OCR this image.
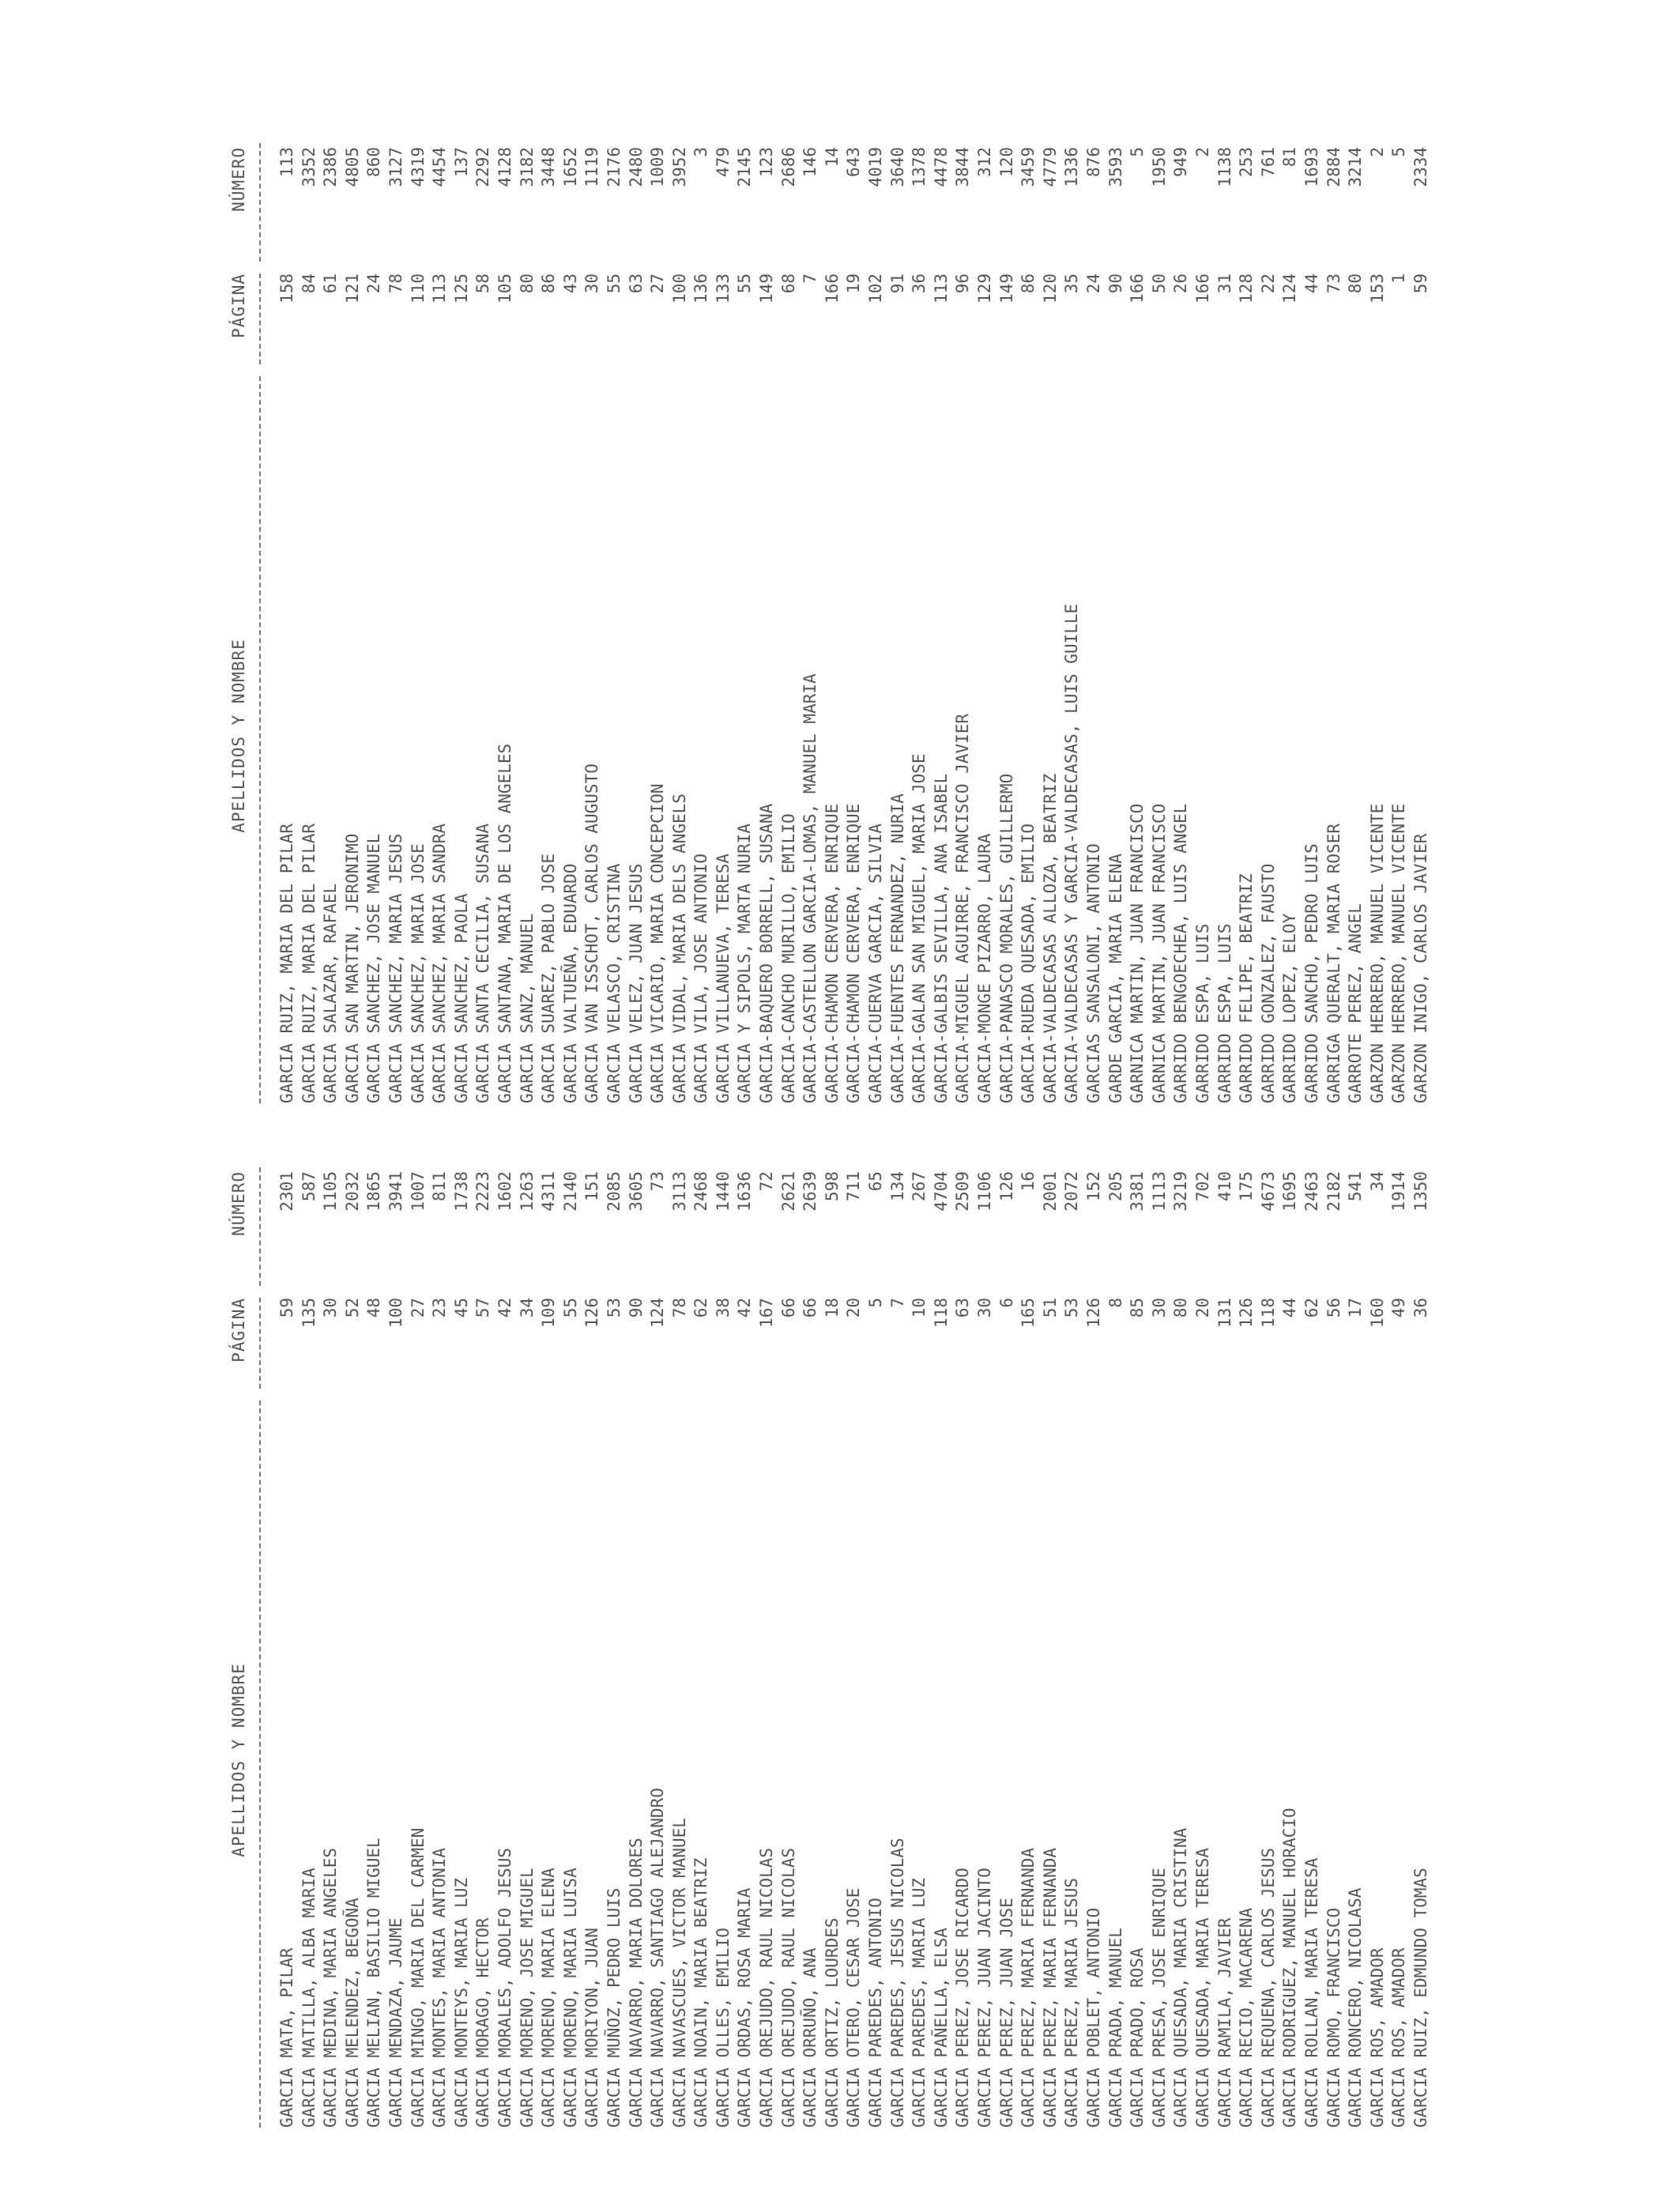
APELLIDOS Y NOMBRE
PÁGINA
NÚMERO
GARCIA MATA, PILAR
59
2301
GARCIA MATILLA, ALBA MARIA
135
587
GARCIA MEDINA, MARIA ANGELES
30
1105
GARCIA MELENDEZ, BEGOÑA
52
2032
GARCIA MELIAN, BASILIO MIGUEL
48
1865
GARCIA MENDAZA, JAUME
100
3941
GARCIA MINGO, MARIA DEL CARMEN
27
1007
GARCIA MONTES, MARIA ANTONIA
23
811
GARCIA MONTEYS, MARIA LUZ
45
1738
GARCIA MORAGO, HECTOR
57
2223
GARCIA MORALES, ADOLFO JESUS
42
1602
GARCIA MORENO, JOSE MIGUEL
34
1263
GARCIA MORENO, MARIA ELENA
109
4311
GARCIA MORENO, MARIA LUISA
55
2140
GARCIA MORIYON, JUAN
126
151
GARCIA MUÑOZ, PEDRO LUIS
53
2085
GARCIA NAVARRO, MARIA DOLORES
90
3605
GARCIA NAVARRO, SANTIAGO ALEJANDRO
124
73
GARCIA NAVASCUES, VICTOR MANUEL
78
3113
GARCIA NOAIN, MARIA BEATRIZ
62
2468
GARCIA OLLES, EMILIO
38
1440
GARCIA ORDAS, ROSA MARIA
42
1636
GARCIA OREJUDO, RAUL NICOLAS
167
72
GARCIA OREJUDO, RAUL NICOLAS
66
2621
GARCIA ORRUÑO, ANA
66
2639
GARCIA ORTIZ, LOURDES
18
598
GARCIA OTERO, CESAR JOSE
20
711
GARCIA PAREDES, ANTONIO
5
65
GARCIA PAREDES, JESUS NICOLAS
7
134
GARCIA PAREDES, MARIA LUZ
10
267
GARCIA PAÑELLA, ELSA
118
4704
GARCIA PEREZ, JOSE RICARDO
63
2509
GARCIA PEREZ, JUAN JACINTO
30
1106
GARCIA PEREZ, JUAN JOSE
6
126
GARCIA PEREZ, MARIA FERNANDA
165
16
GARCIA PEREZ, MARIA FERNANDA
51
2001
GARCIA PEREZ, MARIA JESUS
53
2072
GARCIA POBLET, ANTONIO
126
152
GARCIA PRADA, MANUEL
8
205
GARCIA PRADO, ROSA
85
3381
GARCIA PRESA, JOSE ENRIQUE
30
1113
GARCIA QUESADA, MARIA CRISTINA
80
3219
GARCIA QUESADA, MARIA TERESA
20
702
GARCIA RAMILA, JAVIER
131
410
GARCIA RECIO, MACARENA
126
175
GARCIA REQUENA, CARLOS JESUS
118
4673
GARCIA RODRIGUEZ, MANUEL HORACIO
44
1695
GARCIA ROLLAN, MARIA TERESA
62
2463
GARCIA ROMO, FRANCISCO
56
2182
GARCIA RONCERO, NICOLASA
17
541
GARCIA ROS, AMADOR
160
34
GARCIA ROS, AMADOR
49
1914
GARCIA RUIZ, EDMUNDO TOMAS
36
1350
APELLIDOS Y NOMBRE
PÁGINA
NÚMERO
GARCIA RUIZ, MARIA DEL PILAR
158
113
GARCIA RUIZ, MARIA DEL PILAR
84
3352
GARCIA SALAZAR, RAFAEL
61
2386
GARCIA SAN MARTIN, JERONIMO
121
4805
GARCIA SANCHEZ, JOSE MANUEL
24
860
GARCIA SANCHEZ, MARIA JESUS
78
3127
GARCIA SANCHEZ, MARIA JOSE
110
4319
GARCIA SANCHEZ, MARIA SANDRA
113
4454
GARCIA SANCHEZ, PAOLA
125
137
GARCIA SANTA CECILIA, SUSANA
58
2292
GARCIA SANTANA, MARIA DE LOS ANGELES
105
4128
GARCIA SANZ, MANUEL
80
3182
GARCIA SUAREZ, PABLO JOSE
86
3448
GARCIA VALTUEÑA, EDUARDO
43
1652
GARCIA VAN ISSCHOT, CARLOS AUGUSTO
30
1119
GARCIA VELASCO, CRISTINA
55
2176
GARCIA VELEZ, JUAN JESUS
63
2480
GARCIA VICARIO, MARIA CONCEPCION
27
1009
GARCIA VIDAL, MARIA DELS ANGELS
100
3952
GARCIA VILA, JOSE ANTONIO
136
3
GARCIA VILLANUEVA, TERESA
133
479
GARCIA Y SIPOLS, MARTA NURIA
55
2145
GARCIA-BAQUERO BORRELL, SUSANA
149
123
GARCIA-CANCHO MURILLO, EMILIO
68
2686
GARCIA-CASTELLON GARCIA-LOMAS, MANUEL MARIA
7
146
GARCIA-CHAMON CERVERA, ENRIQUE
166
14
GARCIA-CHAMON CERVERA, ENRIQUE
19
643
GARCIA-CUERVA GARCIA, SILVIA
102
4019
GARCIA-FUENTES FERNANDEZ, NURIA
91
3640
GARCIA-GALAN SAN MIGUEL, MARIA JOSE
36
1378
GARCIA-GALBIS SEVILLA, ANA ISABEL
113
4478
GARCIA-MIGUEL AGUIRRE, FRANCISCO JAVIER
96
3844
GARCIA-MONGE PIZARRO, LAURA
129
312
GARCIA-PANASCO MORALES, GUILLERMO
149
120
GARCIA-RUEDA QUESADA, EMILIO
86
3459
GARCIA-VALDECASAS ALLOZA, BEATRIZ
120
4779
GARCIA-VALDECASAS Y GARCIA-VALDECASAS, LUIS GUILLE
35
1336
GARCIAS SANSALONI, ANTONIO
24
876
GARDE GARCIA, MARIA ELENA
90
3593
GARNICA MARTIN, JUAN FRANCISCO
166
5
GARNICA MARTIN, JUAN FRANCISCO
50
1950
GARRIDO BENGOECHEA, LUIS ANGEL
26
949
GARRIDO ESPA, LUIS
166
2
GARRIDO ESPA, LUIS
31
1138
GARRIDO FELIPE, BEATRIZ
128
253
GARRIDO GONZALEZ, FAUSTO
22
761
GARRIDO LOPEZ, ELOY
124
81
GARRIDO SANCHO, PEDRO LUIS
44
1693
GARRIGA QUERALT, MARIA ROSER
73
2884
GARROTE PEREZ, ANGEL
80
3214
GARZON HERRERO, MANUEL VICENTE
153
2
GARZON HERRERO, MANUEL VICENTE
1
5
GARZON INIGO, CARLOS JAVIER
59
2334
